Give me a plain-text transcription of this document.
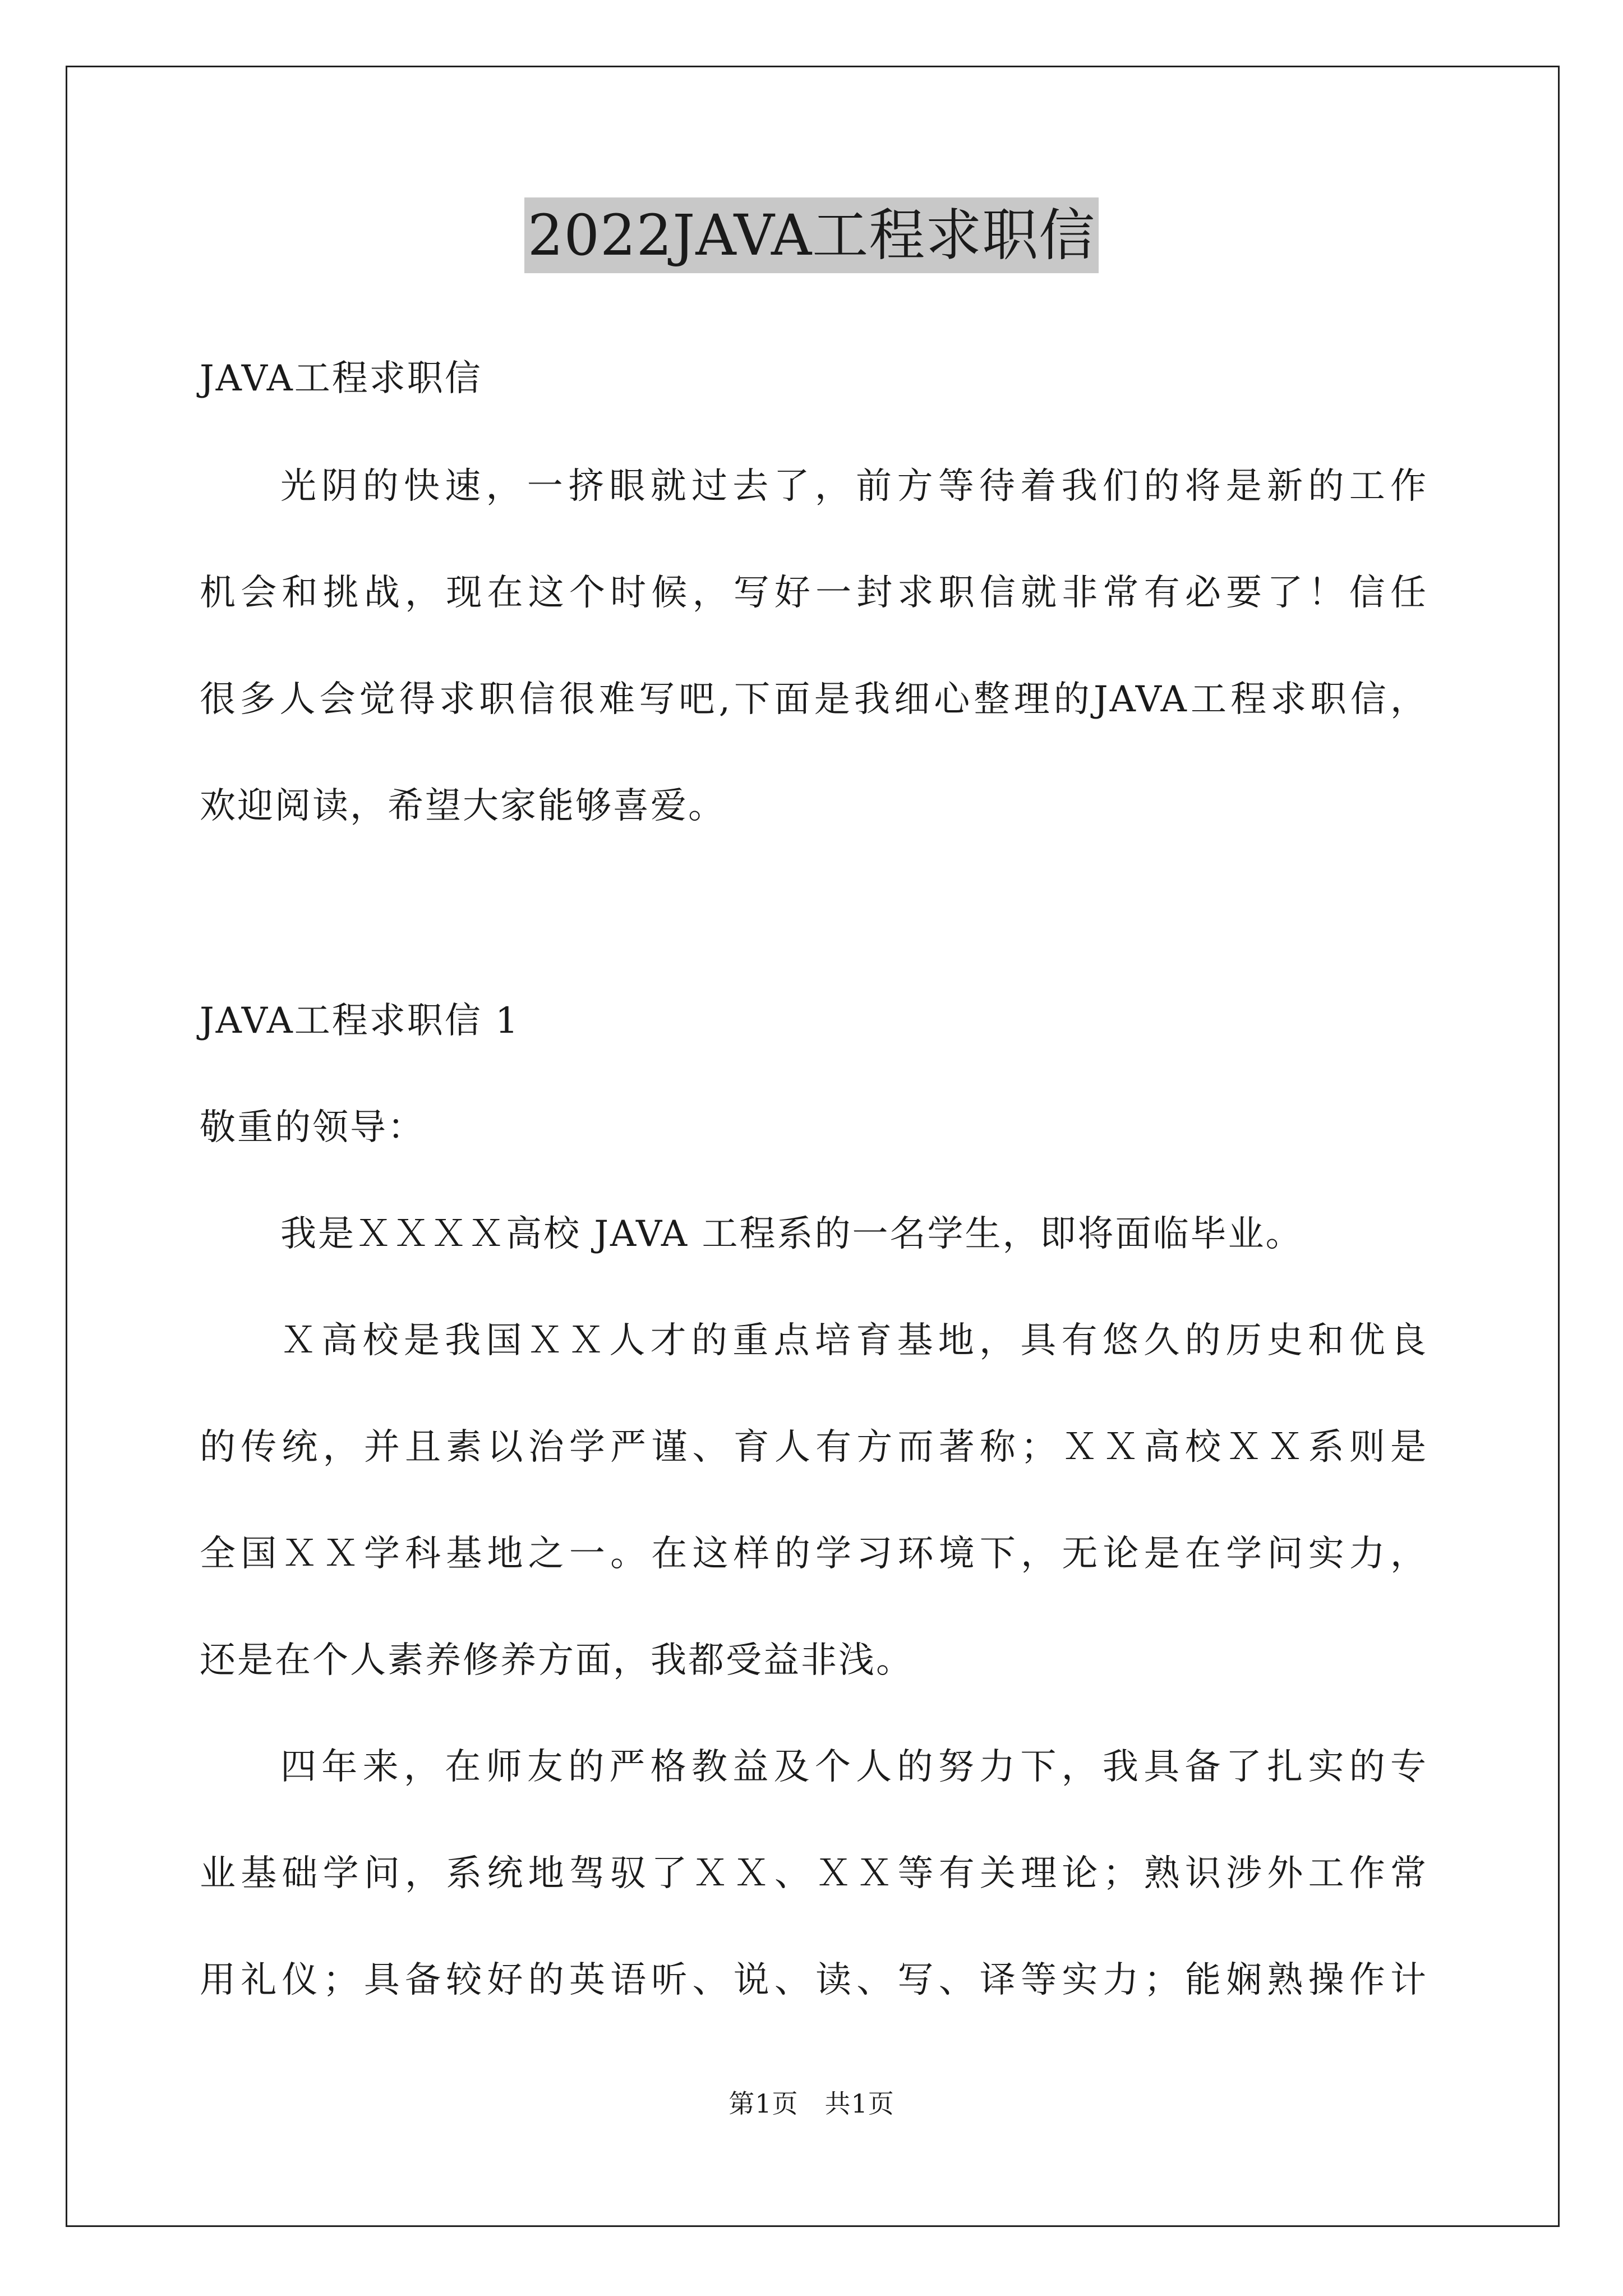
2022JAVA工程求职信

JAVA工程求职信

光阴的快速，一挤眼就过去了，前方等待着我们的将是新的工作

机会和挑战，现在这个时候，写好一封求职信就非常有必要了！信任

很多人会觉得求职信很难写吧,下面是我细心整理的JAVA工程求职信，

欢迎阅读，希望大家能够喜爱。

JAVA工程求职信 1

敬重的领导：

我是ＸＸＸＸ高校 JAVA 工程系的一名学生，即将面临毕业。

Ｘ高校是我国ＸＸ人才的重点培育基地，具有悠久的历史和优良

的传统，并且素以治学严谨、育人有方而著称；ＸＸ高校ＸＸ系则是

全国ＸＸ学科基地之一。在这样的学习环境下，无论是在学问实力，

还是在个人素养修养方面，我都受益非浅。

四年来，在师友的严格教益及个人的努力下，我具备了扎实的专

业基础学问，系统地驾驭了ＸＸ、ＸＸ等有关理论；熟识涉外工作常

用礼仪；具备较好的英语听、说、读、写、译等实力；能娴熟操作计

第1页　共1页
